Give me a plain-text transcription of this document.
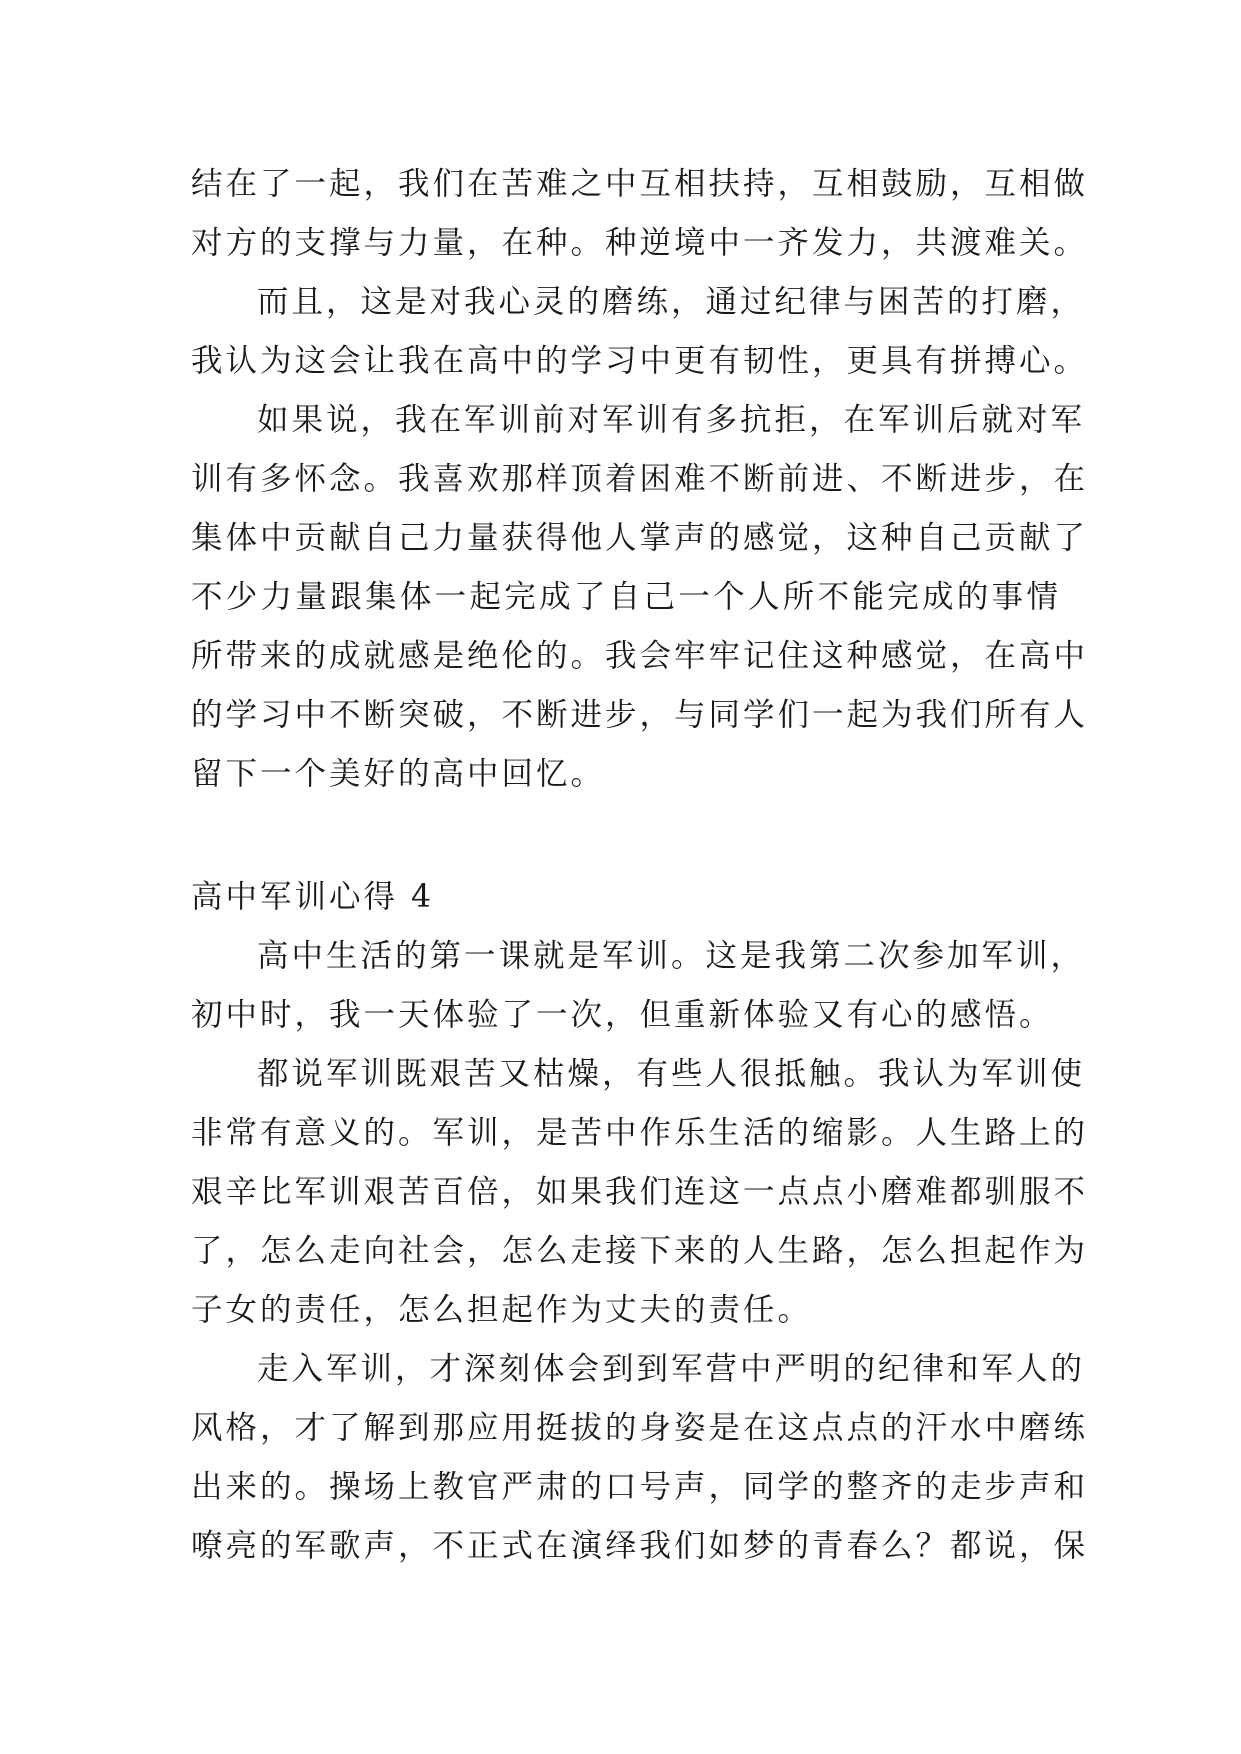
结在了一起，我们在苦难之中互相扶持，互相鼓励，互相做
对方的支撑与力量，在种。种逆境中一齐发力，共渡难关。
而且，这是对我心灵的磨练，通过纪律与困苦的打磨，
我认为这会让我在高中的学习中更有韧性，更具有拼搏心。
如果说，我在军训前对军训有多抗拒，在军训后就对军
训有多怀念。我喜欢那样顶着困难不断前进、不断进步，在
集体中贡献自己力量获得他人掌声的感觉，这种自己贡献了
不少力量跟集体一起完成了自己一个人所不能完成的事情
所带来的成就感是绝伦的。我会牢牢记住这种感觉，在高中
的学习中不断突破，不断进步，与同学们一起为我们所有人
留下一个美好的高中回忆。
高中军训心得 4
高中生活的第一课就是军训。这是我第二次参加军训，
初中时，我一天体验了一次，但重新体验又有心的感悟。
都说军训既艰苦又枯燥，有些人很抵触。我认为军训使
非常有意义的。军训，是苦中作乐生活的缩影。人生路上的
艰辛比军训艰苦百倍，如果我们连这一点点小磨难都驯服不
了，怎么走向社会，怎么走接下来的人生路，怎么担起作为
子女的责任，怎么担起作为丈夫的责任。
走入军训，才深刻体会到到军营中严明的纪律和军人的
风格，才了解到那应用挺拔的身姿是在这点点的汗水中磨练
出来的。操场上教官严肃的口号声，同学的整齐的走步声和
嘹亮的军歌声，不正式在演绎我们如梦的青春么？都说，保
